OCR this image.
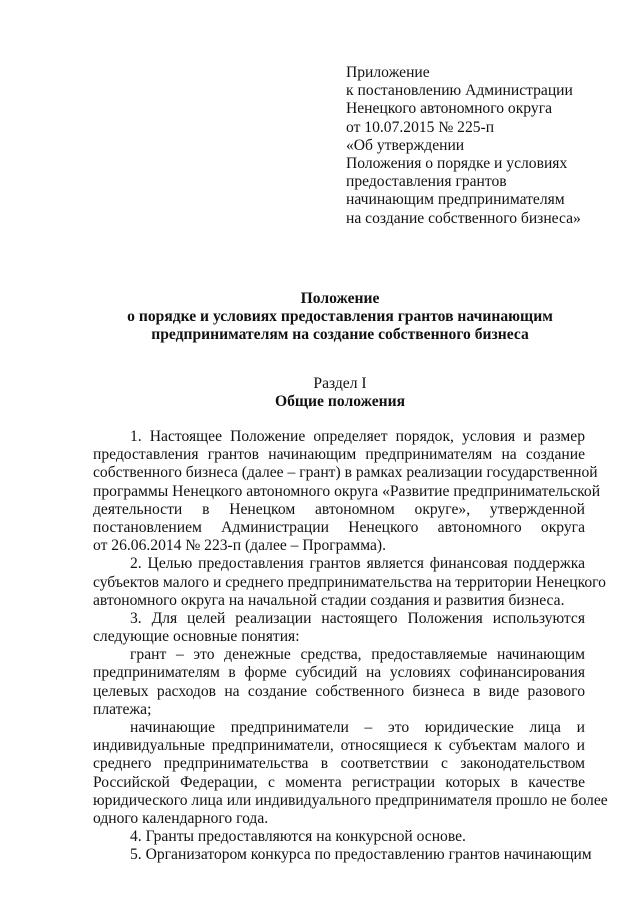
Приложение
к постановлению Администрации
Ненецкого автономного округа
от 10.07.2015 № 225-п
«Об утверждении
Положения о порядке и условиях
предоставления грантов
начинающим предпринимателям
на создание собственного бизнеса»
Положение
о порядке и условиях предоставления грантов начинающим
предпринимателям на создание собственного бизнеса
Раздел I
Общие положения
1. Настоящее Положение определяет порядок, условия и размер
предоставления грантов начинающим предпринимателям на создание
собственного бизнеса (далее – грант) в рамках реализации государственной
программы Ненецкого автономного округа «Развитие предпринимательской
деятельности в Ненецком автономном округе», утвержденной
постановлением Администрации Ненецкого автономного округа
от 26.06.2014 № 223-п (далее – Программа).
2. Целью предоставления грантов является финансовая поддержка
субъектов малого и среднего предпринимательства на территории Ненецкого
автономного округа на начальной стадии создания и развития бизнеса.
3. Для целей реализации настоящего Положения используются
следующие основные понятия:
грант – это денежные средства, предоставляемые начинающим
предпринимателям в форме субсидий на условиях софинансирования
целевых расходов на создание собственного бизнеса в виде разового
платежа;
начинающие предприниматели – это юридические лица и
индивидуальные предприниматели, относящиеся к субъектам малого и
среднего предпринимательства в соответствии с законодательством
Российской Федерации, с момента регистрации которых в качестве
юридического лица или индивидуального предпринимателя прошло не более
одного календарного года.
4. Гранты предоставляются на конкурсной основе.
5. Организатором конкурса по предоставлению грантов начинающим
